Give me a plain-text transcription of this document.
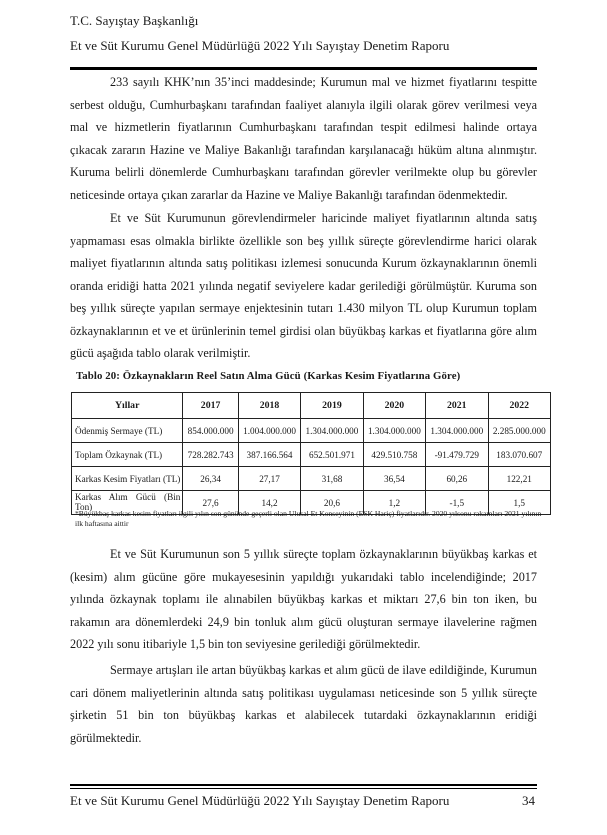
T.C. Sayıştay Başkanlığı
Et ve Süt Kurumu Genel Müdürlüğü 2022 Yılı Sayıştay Denetim Raporu

233 sayılı KHK’nın 35’inci maddesinde; Kurumun mal ve hizmet fiyatlarını tespitte serbest olduğu, Cumhurbaşkanı tarafından faaliyet alanıyla ilgili olarak görev verilmesi veya mal ve hizmetlerin fiyatlarının Cumhurbaşkanı tarafından tespit edilmesi halinde ortaya çıkacak zararın Hazine ve Maliye Bakanlığı tarafından karşılanacağı hüküm altına alınmıştır. Kuruma belirli dönemlerde Cumhurbaşkanı tarafından görevler verilmekte olup bu görevler neticesinde ortaya çıkan zararlar da Hazine ve Maliye Bakanlığı tarafından ödenmektedir.

Et ve Süt Kurumunun görevlendirmeler haricinde maliyet fiyatlarının altında satış yapmaması esas olmakla birlikte özellikle son beş yıllık süreçte görevlendirme harici olarak maliyet fiyatlarının altında satış politikası izlemesi sonucunda Kurum özkaynaklarının önemli oranda eridiği hatta 2021 yılında negatif seviyelere kadar gerilediği görülmüştür. Kuruma son beş yıllık süreçte yapılan sermaye enjektesinin tutarı 1.430 milyon TL olup Kurumun toplam özkaynaklarının et ve et ürünlerinin temel girdisi olan büyükbaş karkas et fiyatlarına göre alım gücü aşağıda tablo olarak verilmiştir.

Tablo 20: Özkaynakların Reel Satın Alma Gücü (Karkas Kesim Fiyatlarına Göre)
Yıllar	2017	2018	2019	2020	2021	2022
Ödenmiş Sermaye (TL)	854.000.000	1.004.000.000	1.304.000.000	1.304.000.000	1.304.000.000	2.285.000.000
Toplam Özkaynak (TL)	728.282.743	387.166.564	652.501.971	429.510.758	-91.479.729	183.070.607
Karkas Kesim Fiyatları (TL)	26,34	27,17	31,68	36,54	60,26	122,21
Karkas Alım Gücü (Bin Ton)	27,6	14,2	20,6	1,2	-1,5	1,5
*Büyükbaş karkas kesim fiyatları ilgili yılın son gününde geçerli olan Ulusal Et Konseyinin (ESK Hariç) fiyatlarıdır. 2020 yılsonu rakamları 2021 yılının ilk haftasına aittir

Et ve Süt Kurumunun son 5 yıllık süreçte toplam özkaynaklarının büyükbaş karkas et (kesim) alım gücüne göre mukayesesinin yapıldığı yukarıdaki tablo incelendiğinde; 2017 yılında özkaynak toplamı ile alınabilen büyükbaş karkas et miktarı 27,6 bin ton iken, bu rakamın ara dönemlerdeki 24,9 bin tonluk alım gücü oluşturan sermaye ilavelerine rağmen 2022 yılı sonu itibariyle 1,5 bin ton seviyesine gerilediği görülmektedir.

Sermaye artışları ile artan büyükbaş karkas et alım gücü de ilave edildiğinde, Kurumun cari dönem maliyetlerinin altında satış politikası uygulaması neticesinde son 5 yıllık süreçte şirketin 51 bin ton büyükbaş karkas et alabilecek tutardaki özkaynaklarının eridiği görülmektedir.

Et ve Süt Kurumu Genel Müdürlüğü 2022 Yılı Sayıştay Denetim Raporu	34
